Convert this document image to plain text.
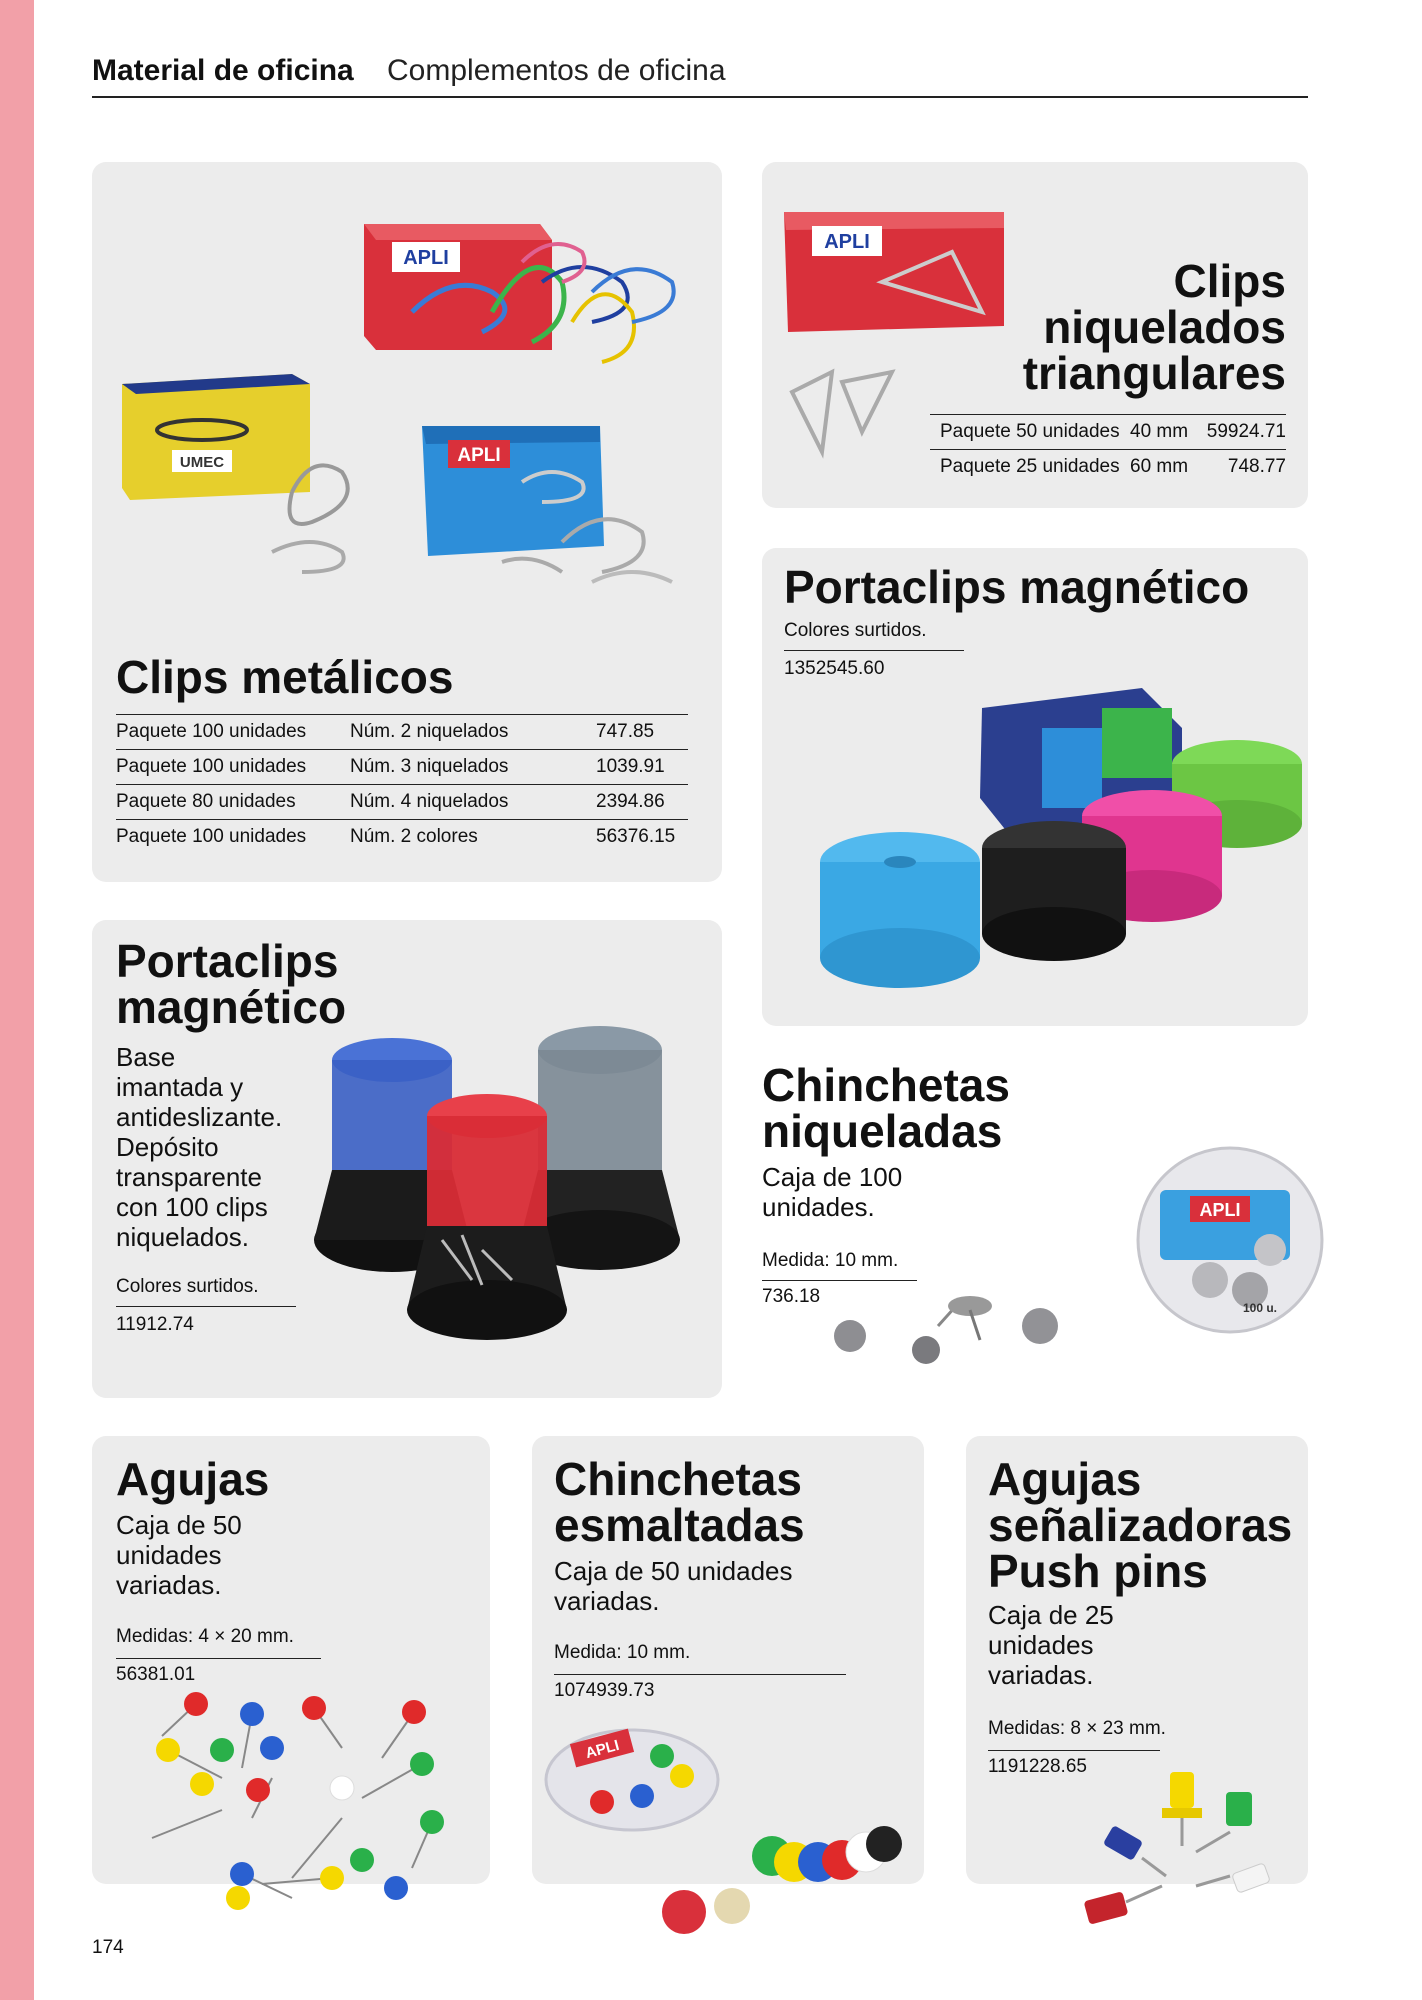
Material de oficina Complementos de oficina
APLI
UMEC	APLI
Clips metálicos
Paquete 100 unidades	Núm. 2 niquelados	747.85
Paquete 100 unidades	Núm. 3 niquelados	1039.91
Paquete 80 unidades	Núm. 4 niquelados	2394.86
Paquete 100 unidades	Núm. 2 colores	56376.15
APLI
Clips
niquelados
triangulares
Paquete 50 unidades	40 mm	59924.71
Paquete 25 unidades	60 mm	748.77
Portaclips magnético
Colores surtidos.
1352545.60
Portaclips
magnético
Base
imantada y
antideslizante.
Depósito
transparente
con 100 clips
niquelados.
Colores surtidos.
11912.74
Chinchetas
niqueladas
Caja de 100
unidades.
Medida: 10 mm.
736.18
APLI
100 u.
Agujas
Caja de 50
unidades
variadas.
Medidas: 4 × 20 mm.
56381.01
Chinchetas
esmaltadas
Caja de 50 unidades
variadas.
Medida: 10 mm.
1074939.73
APLI
Agujas
señalizadoras
Push pins
Caja de 25
unidades
variadas.
Medidas: 8 × 23 mm.
1191228.65
174
